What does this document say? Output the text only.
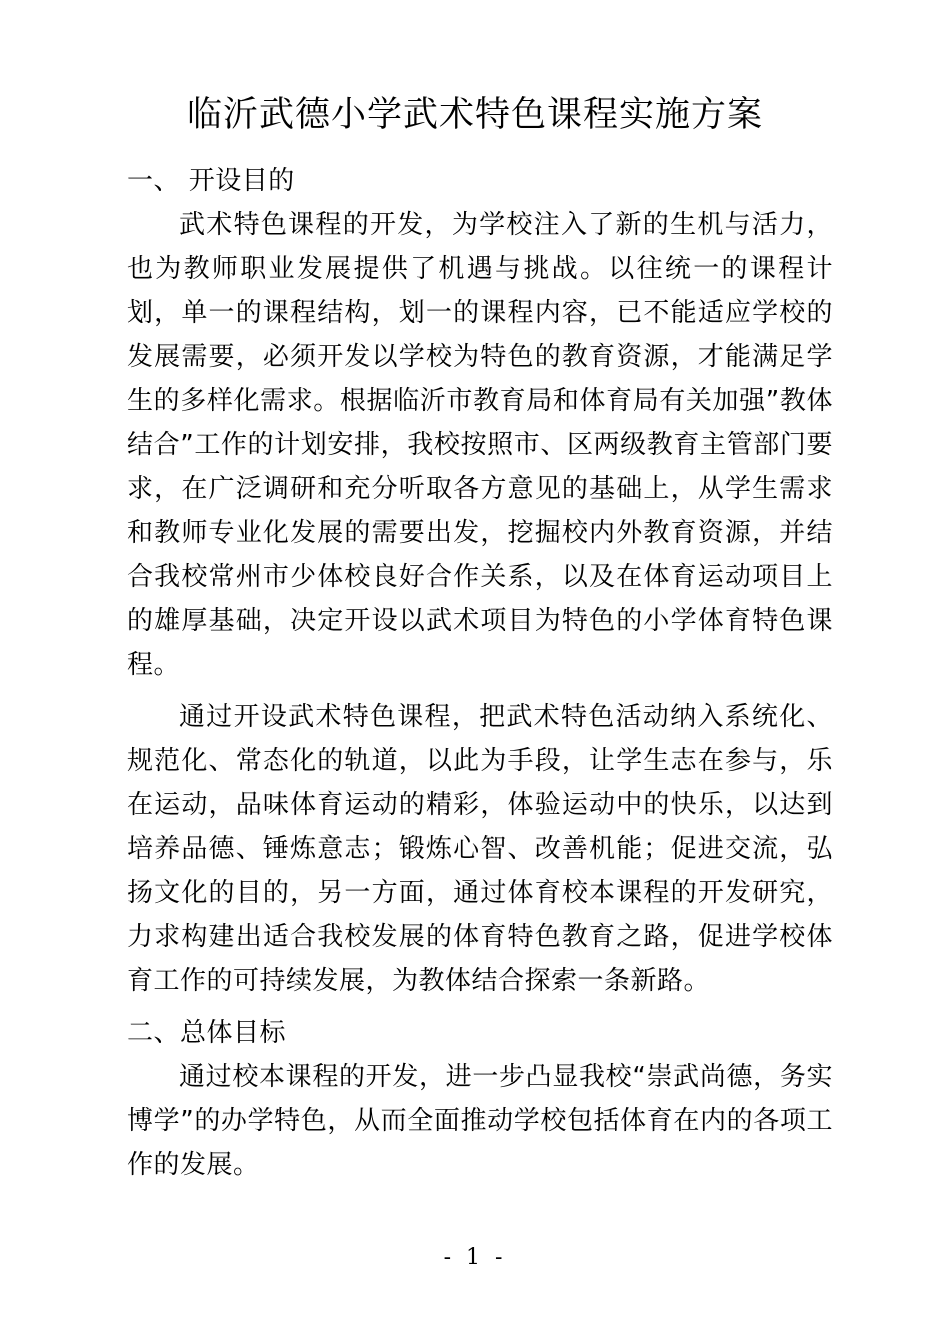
临沂武德小学武术特色课程实施方案

一、 开设目的

武术特色课程的开发，为学校注入了新的生机与活力，也为教师职业发展提供了机遇与挑战。以往统一的课程计划，单一的课程结构，划一的课程内容，已不能适应学校的发展需要，必须开发以学校为特色的教育资源，才能满足学生的多样化需求。根据临沂市教育局和体育局有关加强”教体结合”工作的计划安排，我校按照市、区两级教育主管部门要求，在广泛调研和充分听取各方意见的基础上，从学生需求和教师专业化发展的需要出发，挖掘校内外教育资源，并结合我校常州市少体校良好合作关系，以及在体育运动项目上的雄厚基础，决定开设以武术项目为特色的小学体育特色课程。

通过开设武术特色课程，把武术特色活动纳入系统化、规范化、常态化的轨道，以此为手段，让学生志在参与，乐在运动，品味体育运动的精彩，体验运动中的快乐，以达到培养品德、锤炼意志；锻炼心智、改善机能；促进交流，弘扬文化的目的，另一方面，通过体育校本课程的开发研究，力求构建出适合我校发展的体育特色教育之路，促进学校体育工作的可持续发展，为教体结合探索一条新路。

二、总体目标

通过校本课程的开发，进一步凸显我校“崇武尚德，务实博学”的办学特色，从而全面推动学校包括体育在内的各项工作的发展。

- 1 -
